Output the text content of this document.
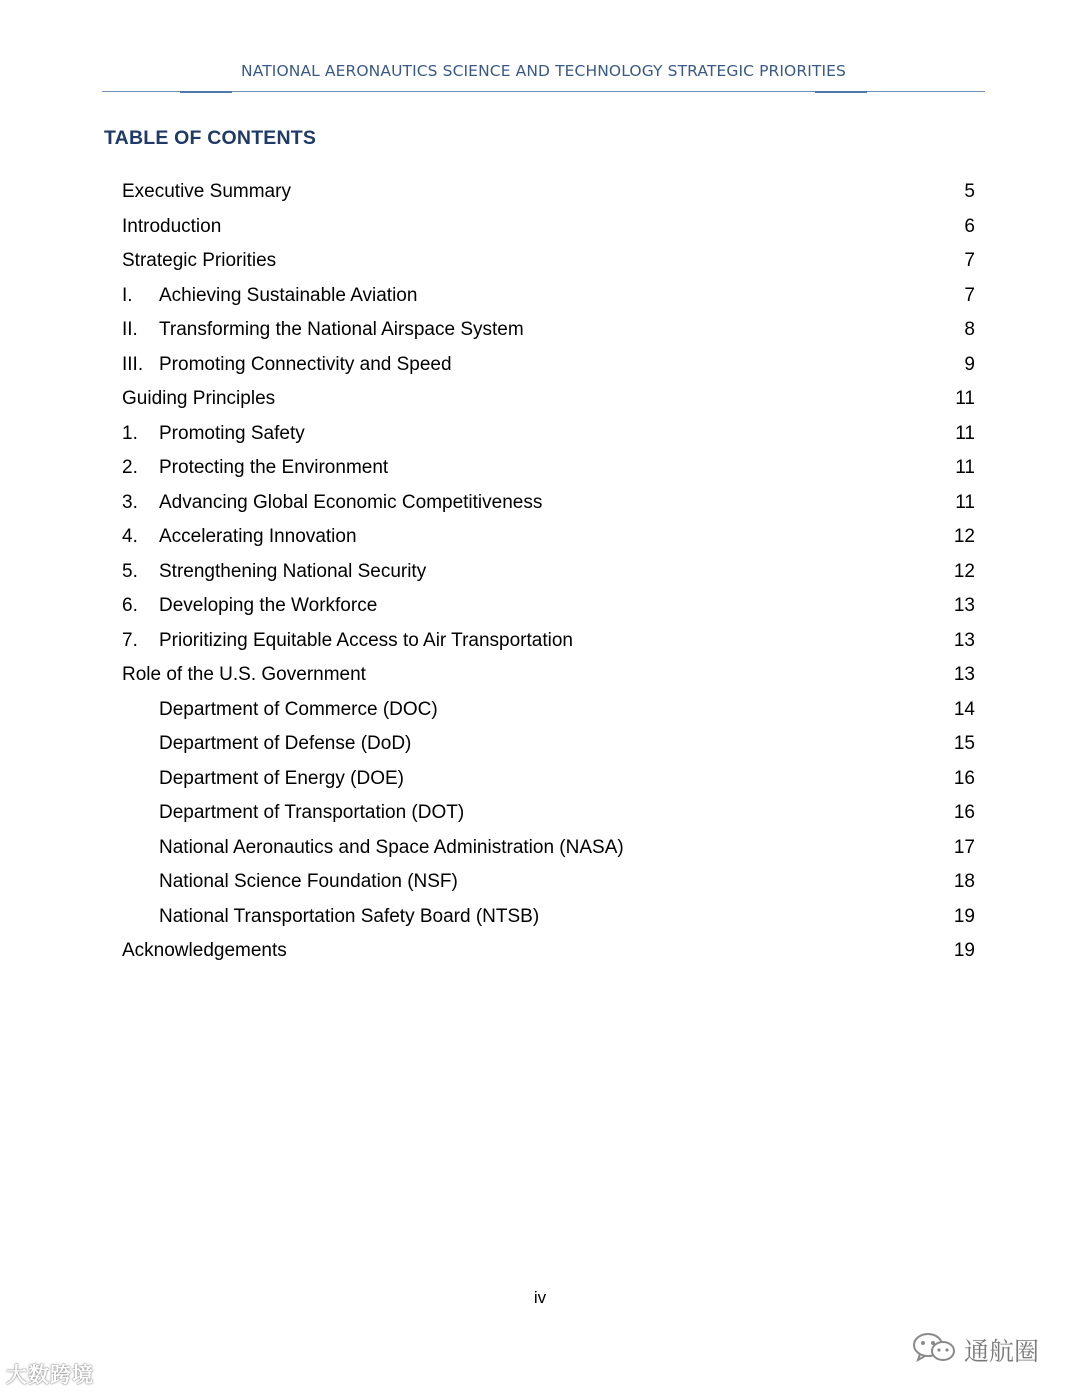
NATIONAL AERONAUTICS SCIENCE AND TECHNOLOGY STRATEGIC PRIORITIES
TABLE OF CONTENTS
Executive Summary	5
Introduction	6
Strategic Priorities	7
I. Achieving Sustainable Aviation	7
II. Transforming the National Airspace System	8
III. Promoting Connectivity and Speed	9
Guiding Principles	11
1. Promoting Safety	11
2. Protecting the Environment	11
3. Advancing Global Economic Competitiveness	11
4. Accelerating Innovation	12
5. Strengthening National Security	12
6. Developing the Workforce	13
7. Prioritizing Equitable Access to Air Transportation	13
Role of the U.S. Government	13
Department of Commerce (DOC)	14
Department of Defense (DoD)	15
Department of Energy (DOE)	16
Department of Transportation (DOT)	16
National Aeronautics and Space Administration (NASA)	17
National Science Foundation (NSF)	18
National Transportation Safety Board (NTSB)	19
Acknowledgements	19
iv
大数跨境
通航圈
